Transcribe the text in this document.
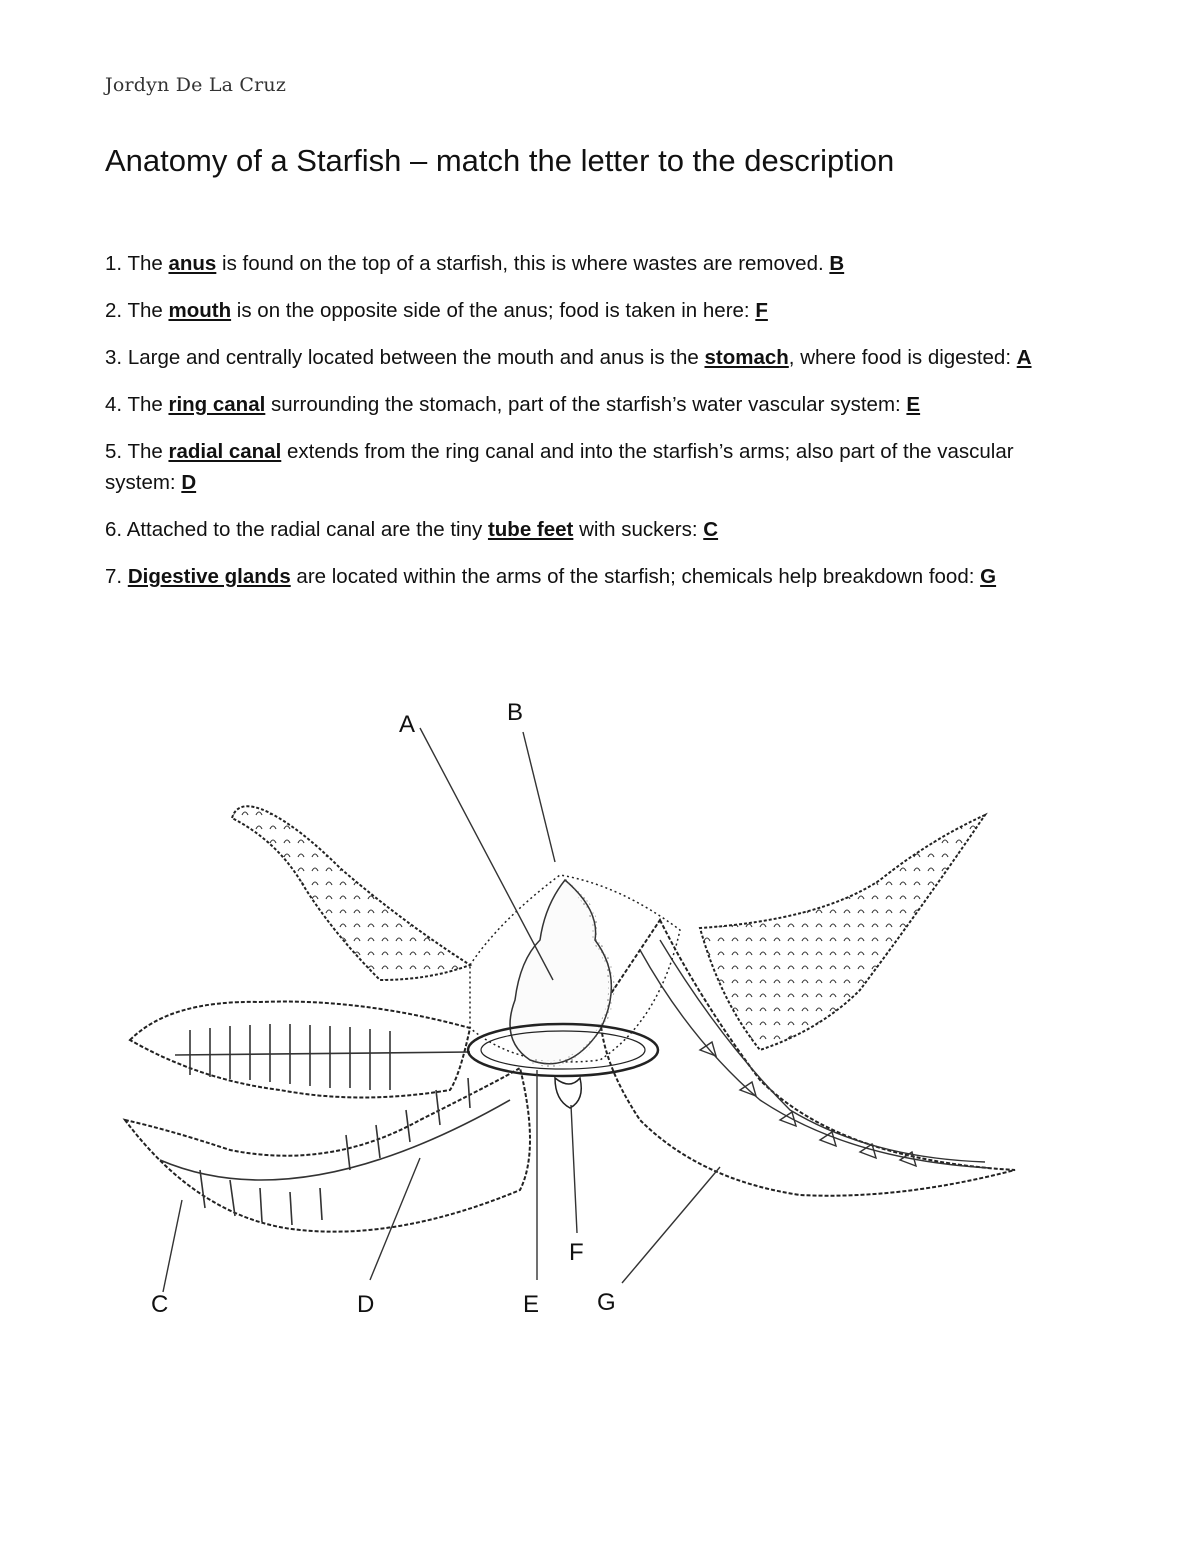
Jordyn De La Cruz
Anatomy of a Starfish – match the letter to the description
1. The anus is found on the top of a starfish, this is where wastes are removed. B
2. The mouth is on the opposite side of the anus; food is taken in here: F
3. Large and centrally located between the mouth and anus is the stomach, where food is digested: A
4. The ring canal surrounding the stomach, part of the starfish’s water vascular system: E
5. The radial canal extends from the ring canal and into the starfish’s arms; also part of the vascular system: D
6. Attached to the radial canal are the tiny tube feet with suckers: C
7. Digestive glands are located within the arms of the starfish; chemicals help breakdown food: G
A	B
C	D	E
F
G
